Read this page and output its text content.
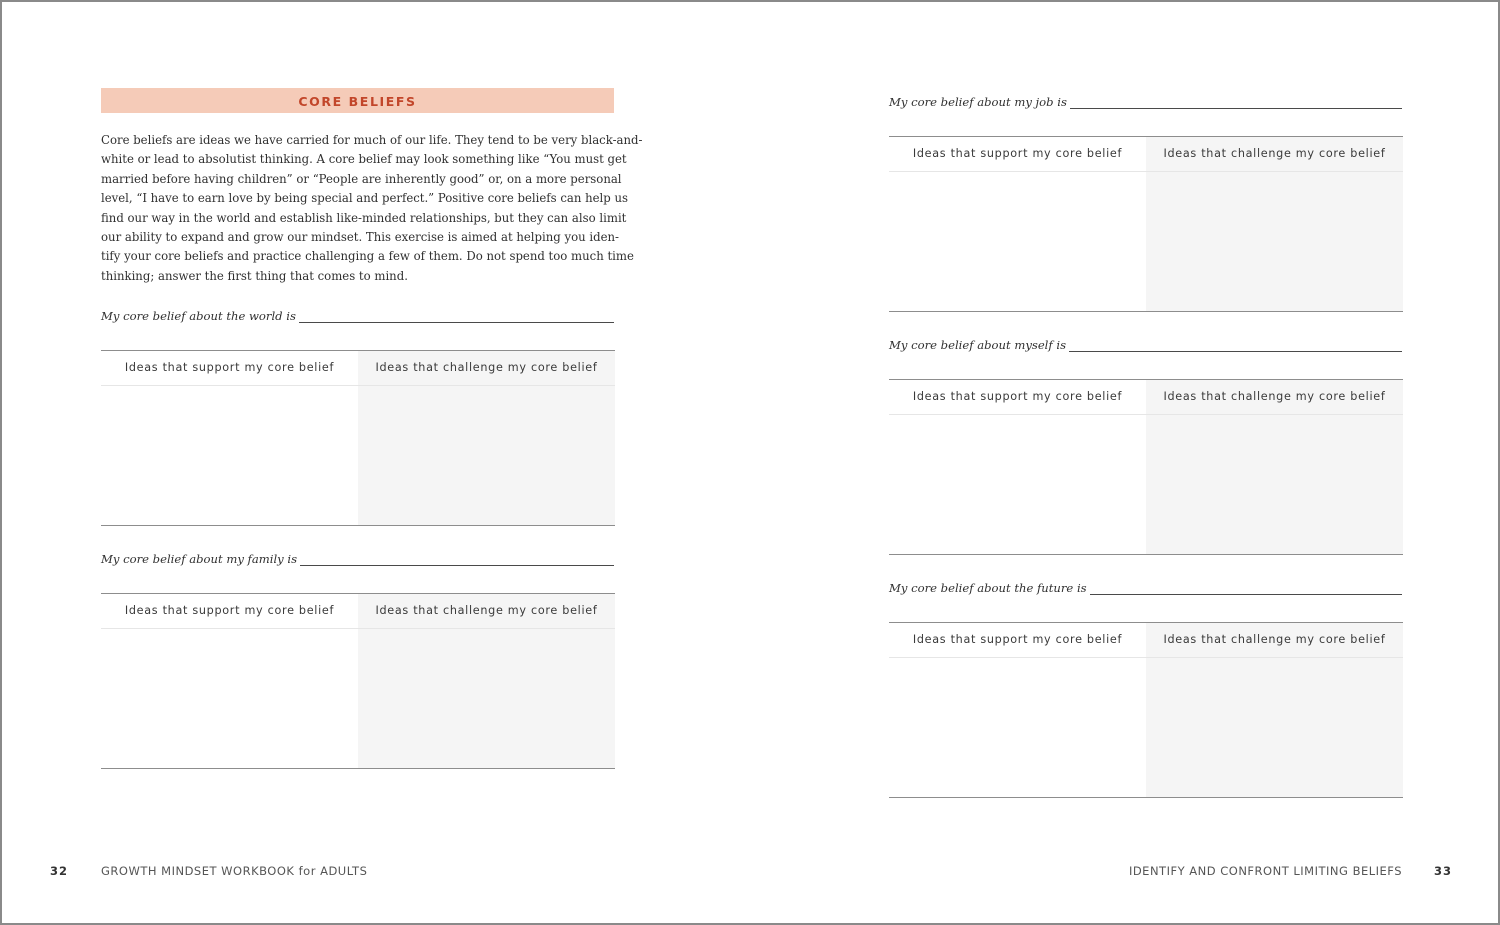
CORE BELIEFS

Core beliefs are ideas we have carried for much of our life. They tend to be very black-and-
white or lead to absolutist thinking. A core belief may look something like “You must get
married before having children” or “People are inherently good” or, on a more personal
level, “I have to earn love by being special and perfect.” Positive core beliefs can help us
find our way in the world and establish like-minded relationships, but they can also limit
our ability to expand and grow our mindset. This exercise is aimed at helping you iden-
tify your core beliefs and practice challenging a few of them. Do not spend too much time
thinking; answer the first thing that comes to mind.

My core belief about the world is
Ideas that support my core belief	Ideas that challenge my core belief
My core belief about my family is
Ideas that support my core belief	Ideas that challenge my core belief
32	GROWTH MINDSET WORKBOOK for ADULTS
My core belief about my job is
Ideas that support my core belief	Ideas that challenge my core belief
My core belief about myself is
Ideas that support my core belief	Ideas that challenge my core belief
My core belief about the future is
Ideas that support my core belief	Ideas that challenge my core belief
IDENTIFY AND CONFRONT LIMITING BELIEFS	33
